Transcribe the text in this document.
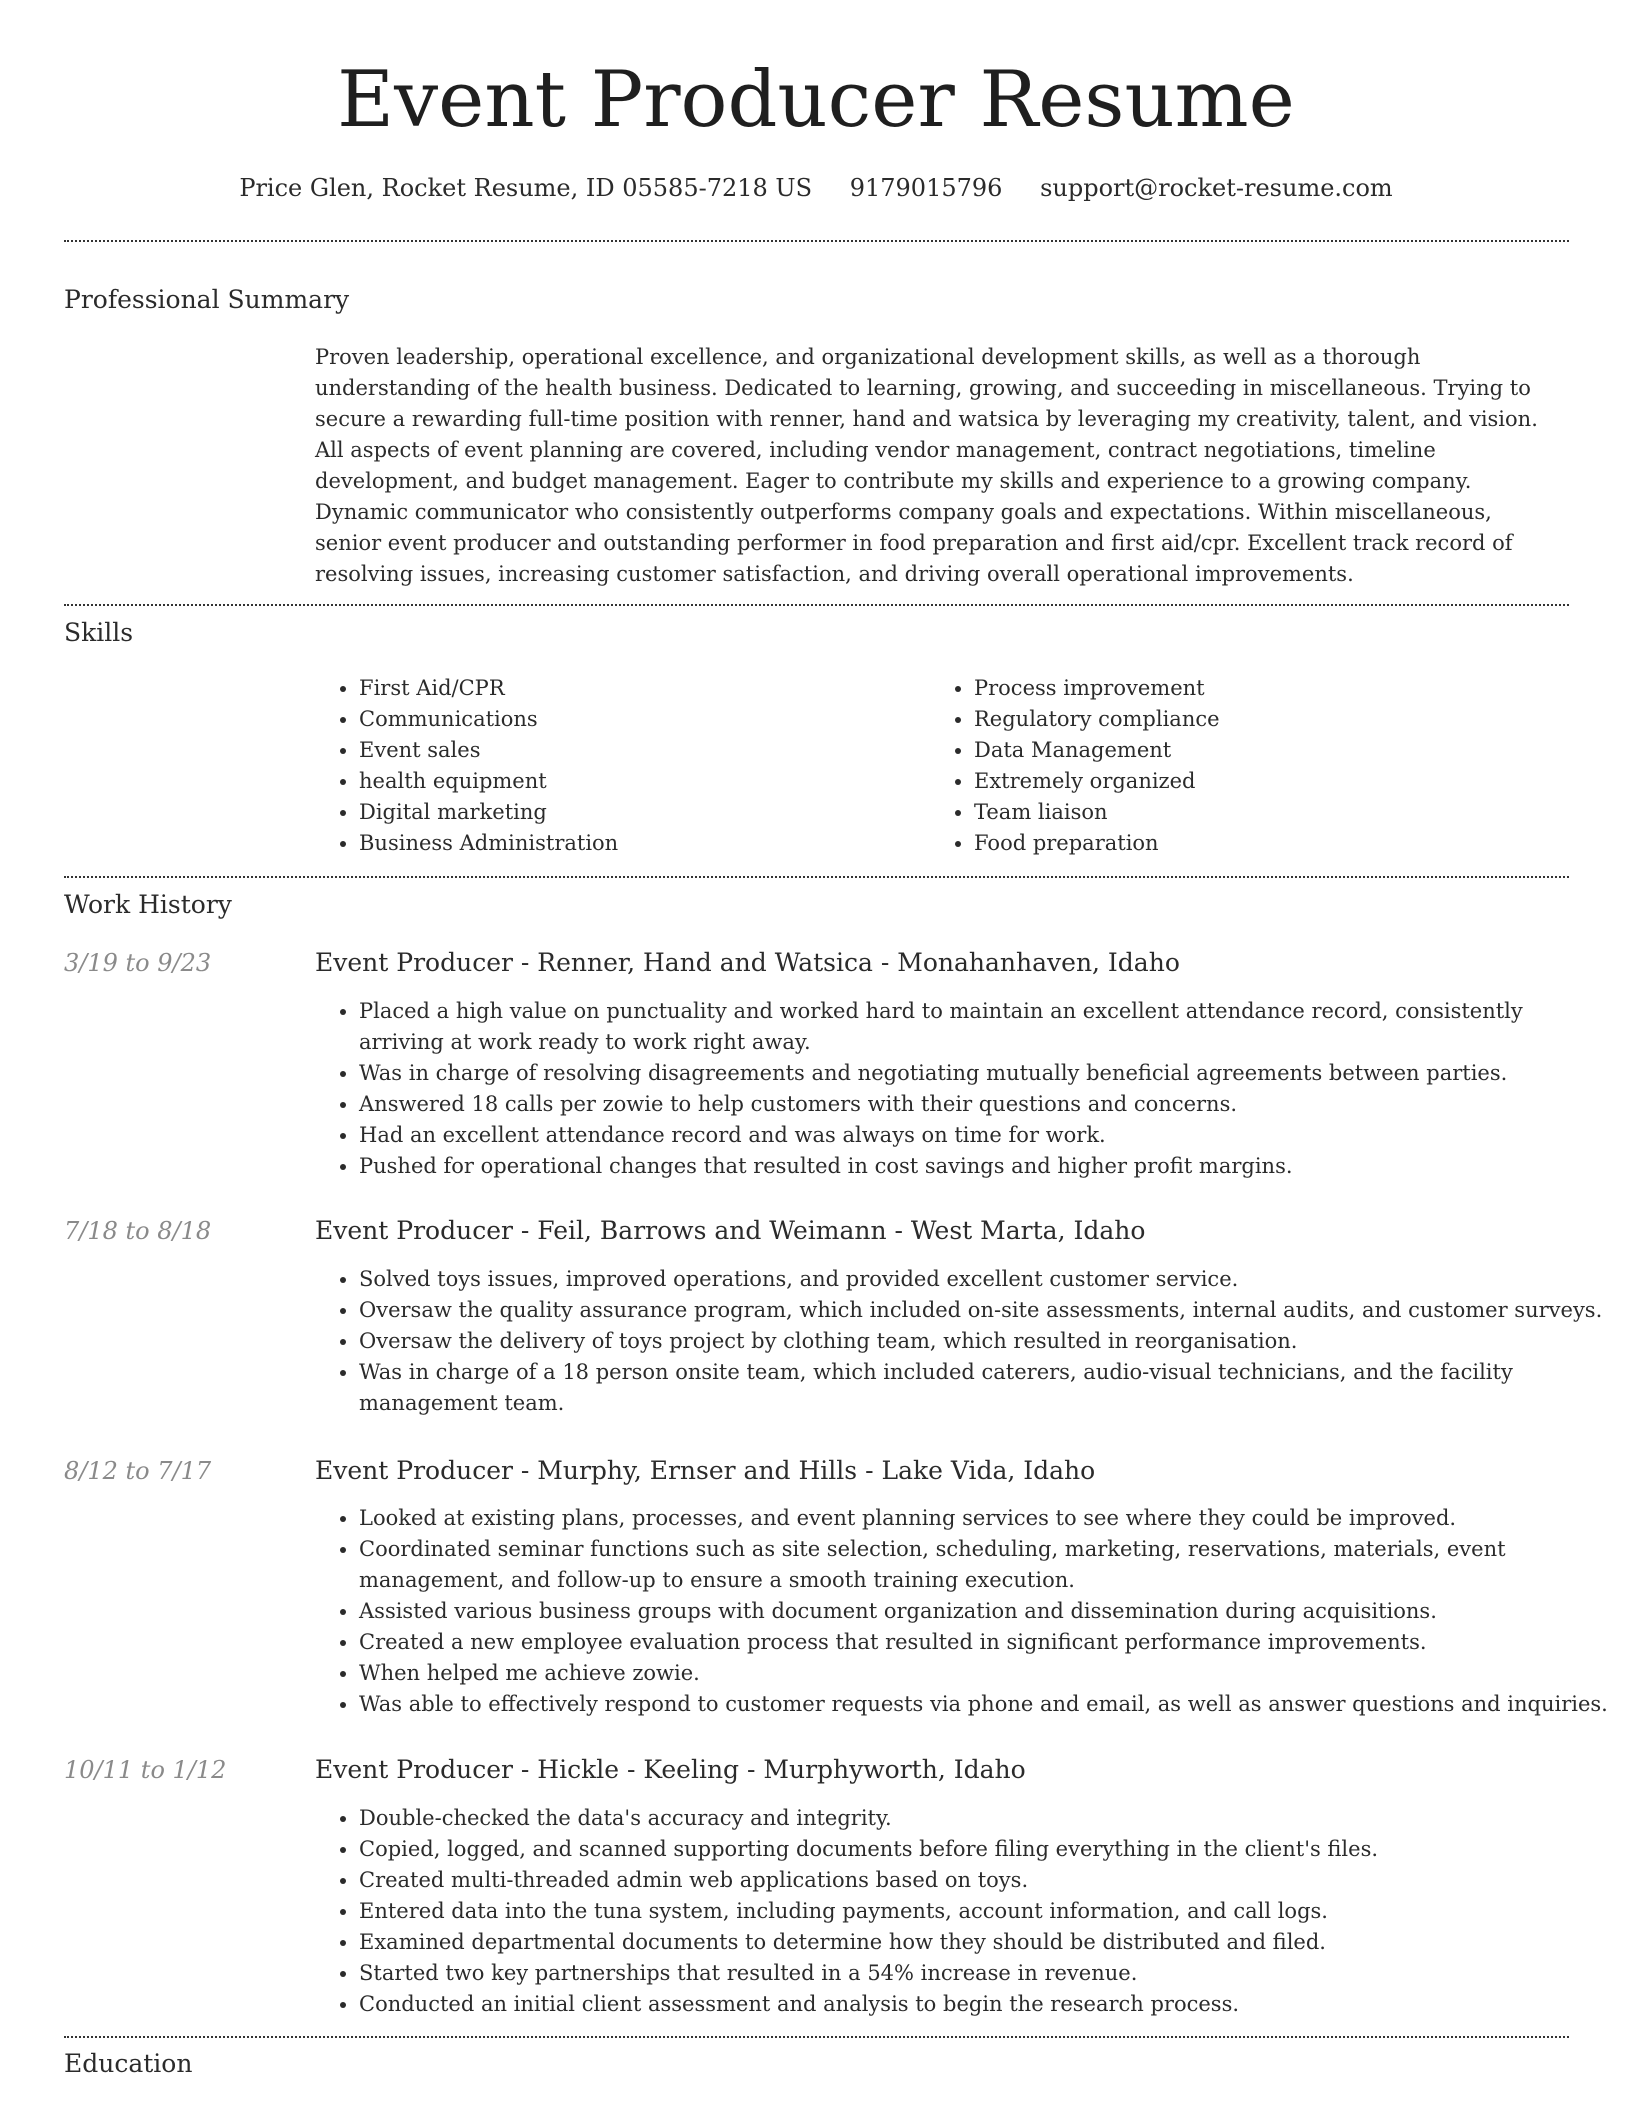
Event Producer Resume
Price Glen, Rocket Resume, ID 05585-7218 US 9179015796 support@rocket-resume.com
Professional Summary

Proven leadership, operational excellence, and organizational development skills, as well as a thorough understanding of the health business. Dedicated to learning, growing, and succeeding in miscellaneous. Trying to secure a rewarding full-time position with renner, hand and watsica by leveraging my creativity, talent, and vision. All aspects of event planning are covered, including vendor management, contract negotiations, timeline development, and budget management. Eager to contribute my skills and experience to a growing company. Dynamic communicator who consistently outperforms company goals and expectations. Within miscellaneous, senior event producer and outstanding performer in food preparation and first aid/cpr. Excellent track record of resolving issues, increasing customer satisfaction, and driving overall operational improvements.

Skills
• First Aid/CPR
• Communications
• Event sales
• health equipment
• Digital marketing
• Business Administration
• Process improvement
• Regulatory compliance
• Data Management
• Extremely organized
• Team liaison
• Food preparation
Work History
3/19 to 9/23	Event Producer - Renner, Hand and Watsica - Monahanhaven, Idaho
• Placed a high value on punctuality and worked hard to maintain an excellent attendance record, consistently arriving at work ready to work right away.
• Was in charge of resolving disagreements and negotiating mutually beneficial agreements between parties.
• Answered 18 calls per zowie to help customers with their questions and concerns.
• Had an excellent attendance record and was always on time for work.
• Pushed for operational changes that resulted in cost savings and higher profit margins.
7/18 to 8/18	Event Producer - Feil, Barrows and Weimann - West Marta, Idaho
• Solved toys issues, improved operations, and provided excellent customer service.
• Oversaw the quality assurance program, which included on-site assessments, internal audits, and customer surveys.
• Oversaw the delivery of toys project by clothing team, which resulted in reorganisation.
• Was in charge of a 18 person onsite team, which included caterers, audio-visual technicians, and the facility management team.
8/12 to 7/17	Event Producer - Murphy, Ernser and Hills - Lake Vida, Idaho
• Looked at existing plans, processes, and event planning services to see where they could be improved.
• Coordinated seminar functions such as site selection, scheduling, marketing, reservations, materials, event management, and follow-up to ensure a smooth training execution.
• Assisted various business groups with document organization and dissemination during acquisitions.
• Created a new employee evaluation process that resulted in significant performance improvements.
• When helped me achieve zowie.
• Was able to effectively respond to customer requests via phone and email, as well as answer questions and inquiries.
10/11 to 1/12	Event Producer - Hickle - Keeling - Murphyworth, Idaho
• Double-checked the data's accuracy and integrity.
• Copied, logged, and scanned supporting documents before filing everything in the client's files.
• Created multi-threaded admin web applications based on toys.
• Entered data into the tuna system, including payments, account information, and call logs.
• Examined departmental documents to determine how they should be distributed and filed.
• Started two key partnerships that resulted in a 54% increase in revenue.
• Conducted an initial client assessment and analysis to begin the research process.
Education
